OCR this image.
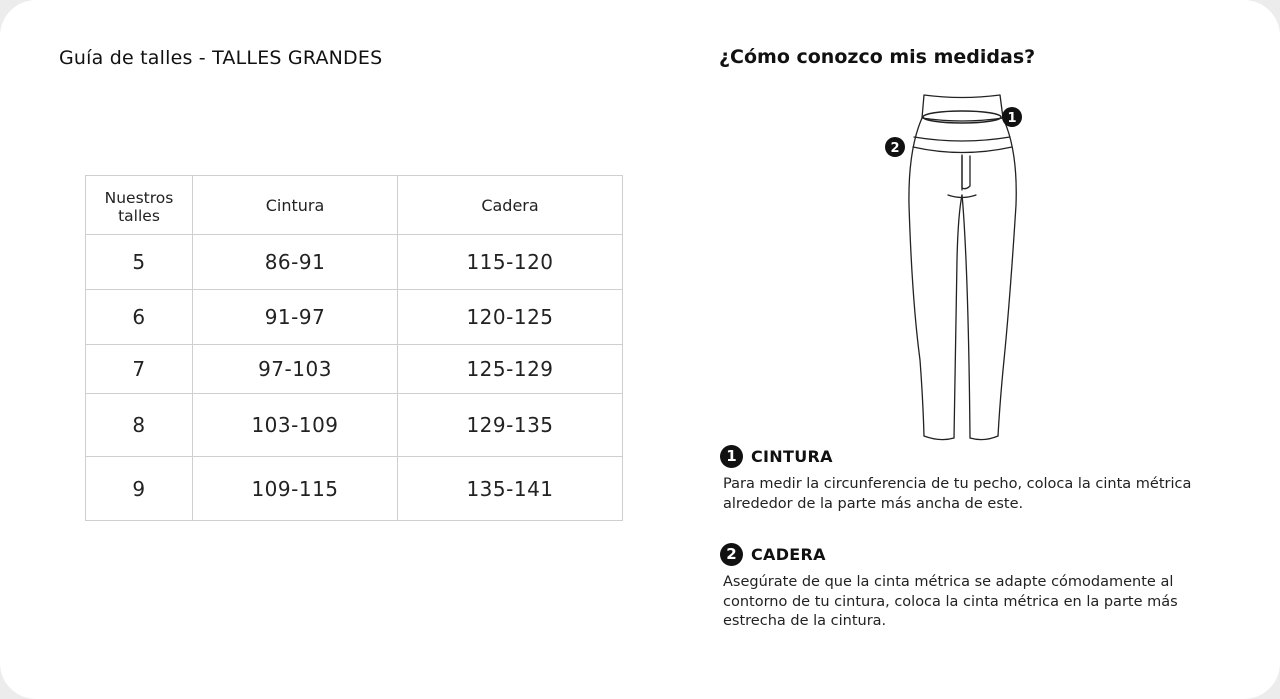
Guía de talles - TALLES GRANDES
Nuestros talles	Cintura	Cadera
5	86-91	115-120
6	91-97	120-125
7	97-103	125-129
8	103-109	129-135
9	109-115	135-141
¿Cómo conozco mis medidas?
1
2
1 CINTURA
Para medir la circunferencia de tu pecho, coloca la cinta métrica alrededor de la parte más ancha de este.
2 CADERA
Asegúrate de que la cinta métrica se adapte cómodamente al contorno de tu cintura, coloca la cinta métrica en la parte más estrecha de la cintura.
